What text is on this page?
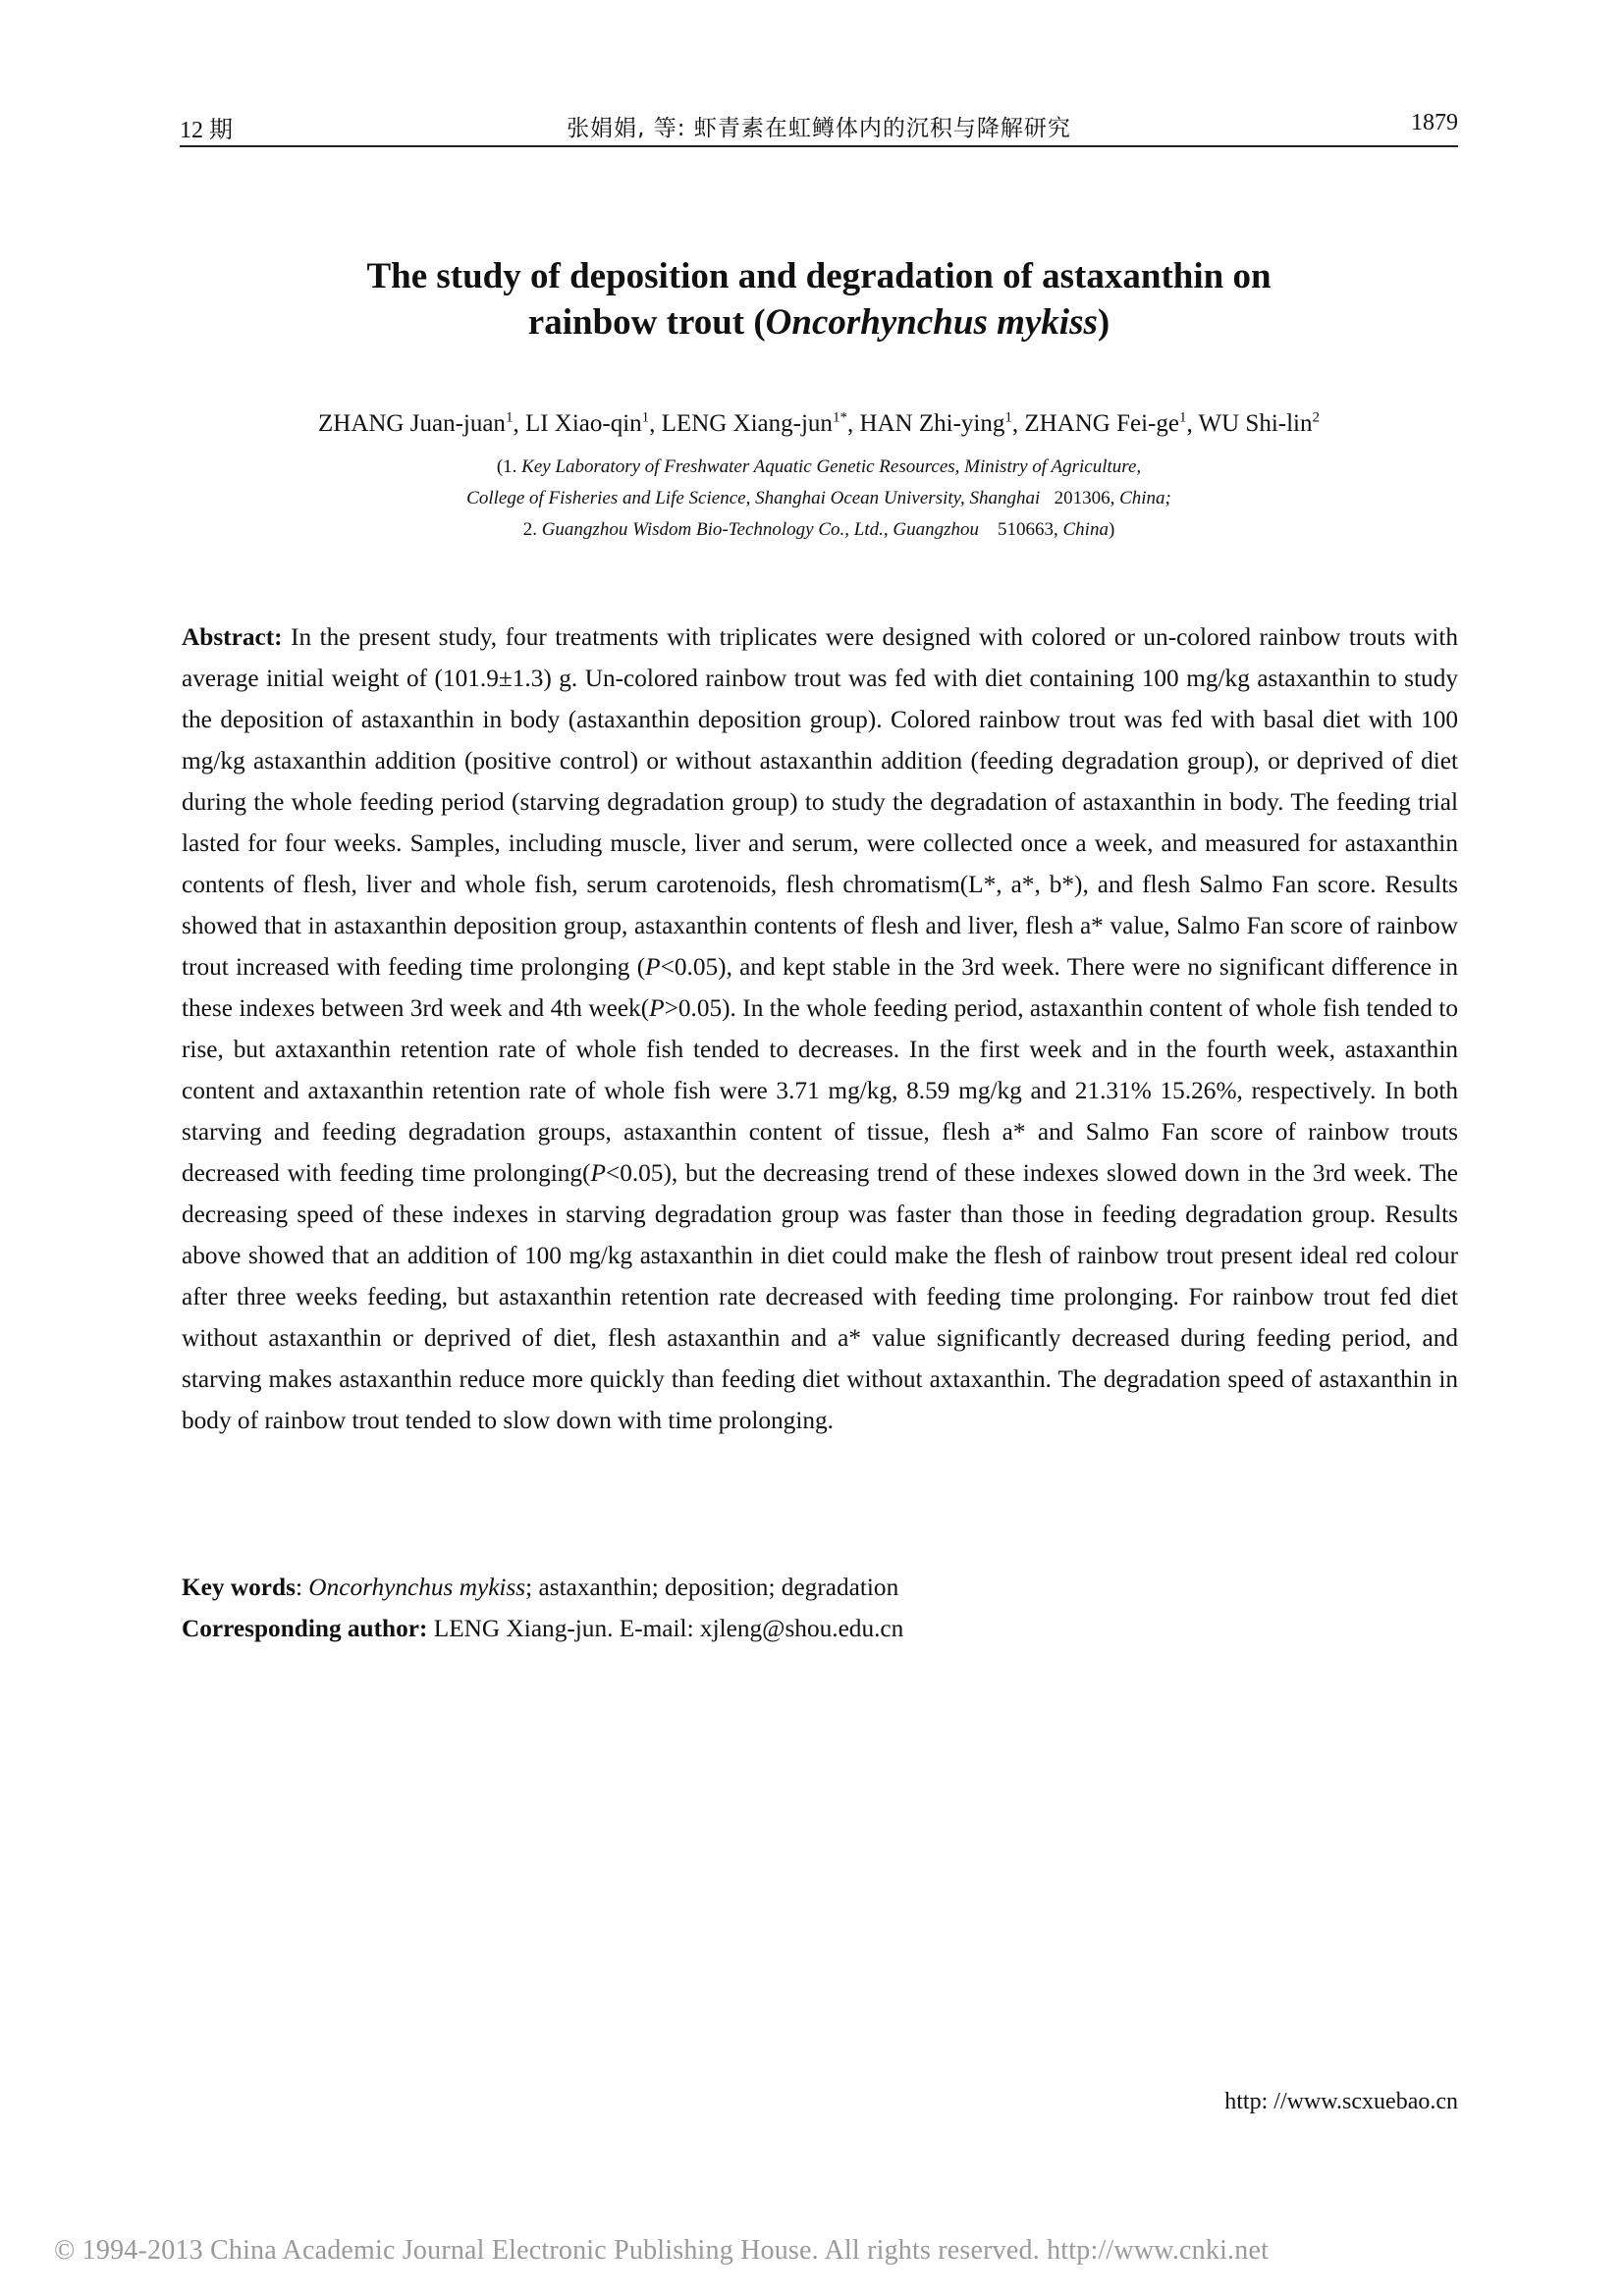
12 期	张娟娟, 等: 虾青素在虹鳟体内的沉积与降解研究	1879
The study of deposition and degradation of astaxanthin on
rainbow trout (Oncorhynchus mykiss)
ZHANG Juan-juan$^1$, LI Xiao-qin$^1$, LENG Xiang-jun$^{1*}$, HAN Zhi-ying$^1$, ZHANG Fei-$ge^1$, WU Shi-lin$^2$
(1. Key Laboratory of Freshwater Aquatic Genetic Resources, Ministry of Agriculture,
College of Fisheries and Life Science, Shanghai Ocean University, Shanghai 201306, China;
2. Guangzhou Wisdom Bio-Technology Co., Ltd., Guangzhou 510663, China)
Abstract: In the present study, four treatments with triplicates were designed with colored or un-colored rainbow trouts with average initial weight of (101.9±1.3) g. Un-colored rainbow trout was fed with diet containing 100 mg/kg astaxanthin to study the deposition of astaxanthin in body (astaxanthin deposition group). Colored rainbow trout was fed with basal diet with 100 mg/kg astaxanthin addition (positive control) or without astaxanthin addition (feeding degradation group), or deprived of diet during the whole feeding period (starving degradation group) to study the degradation of astaxanthin in body. The feeding trial lasted for four weeks. Samples, including muscle, liver and serum, were collected once a week, and measured for astaxanthin contents of flesh, liver and whole fish, serum carotenoids, flesh chromatism(L*, a*, b*), and flesh Salmo Fan score. Results showed that in astaxanthin deposition group, astaxanthin contents of flesh and liver, flesh a* value, Salmo Fan score of rainbow trout increased with feeding time prolonging (P<0.05), and kept stable in the 3rd week. There were no significant difference in these indexes between 3rd week and 4th week(P>0.05). In the whole feeding period, astaxanthin content of whole fish tended to rise, but axtaxanthin retention rate of whole fish tended to decreases. In the first week and in the fourth week, astaxanthin content and axtaxanthin retention rate of whole fish were 3.71 mg/kg, 8.59 mg/kg and 21.31% 15.26%, respectively. In both starving and feeding degradation groups, astaxanthin content of tissue, flesh a* and Salmo Fan score of rainbow trouts decreased with feeding time prolonging(P<0.05), but the decreasing trend of these indexes slowed down in the 3rd week. The decreasing speed of these indexes in starving degradation group was faster than those in feeding degradation group. Results above showed that an addition of 100 mg/kg astaxanthin in diet could make the flesh of rainbow trout present ideal red colour after three weeks feeding, but astaxanthin retention rate decreased with feeding time prolonging. For rainbow trout fed diet without astaxanthin or deprived of diet, flesh astaxanthin and a* value significantly decreased during feeding period, and starving makes astaxanthin reduce more quickly than feeding diet without axtaxanthin. The degradation speed of astaxanthin in body of rainbow trout tended to slow down with time prolonging.
Key words: Oncorhynchus mykiss; astaxanthin; deposition; degradation
Corresponding author: LENG Xiang-jun. E-mail: xjleng@shou.edu.cn
http: //www.scxuebao.cn
© 1994-2013 China Academic Journal Electronic Publishing House. All rights reserved. http://www.cnki.net
